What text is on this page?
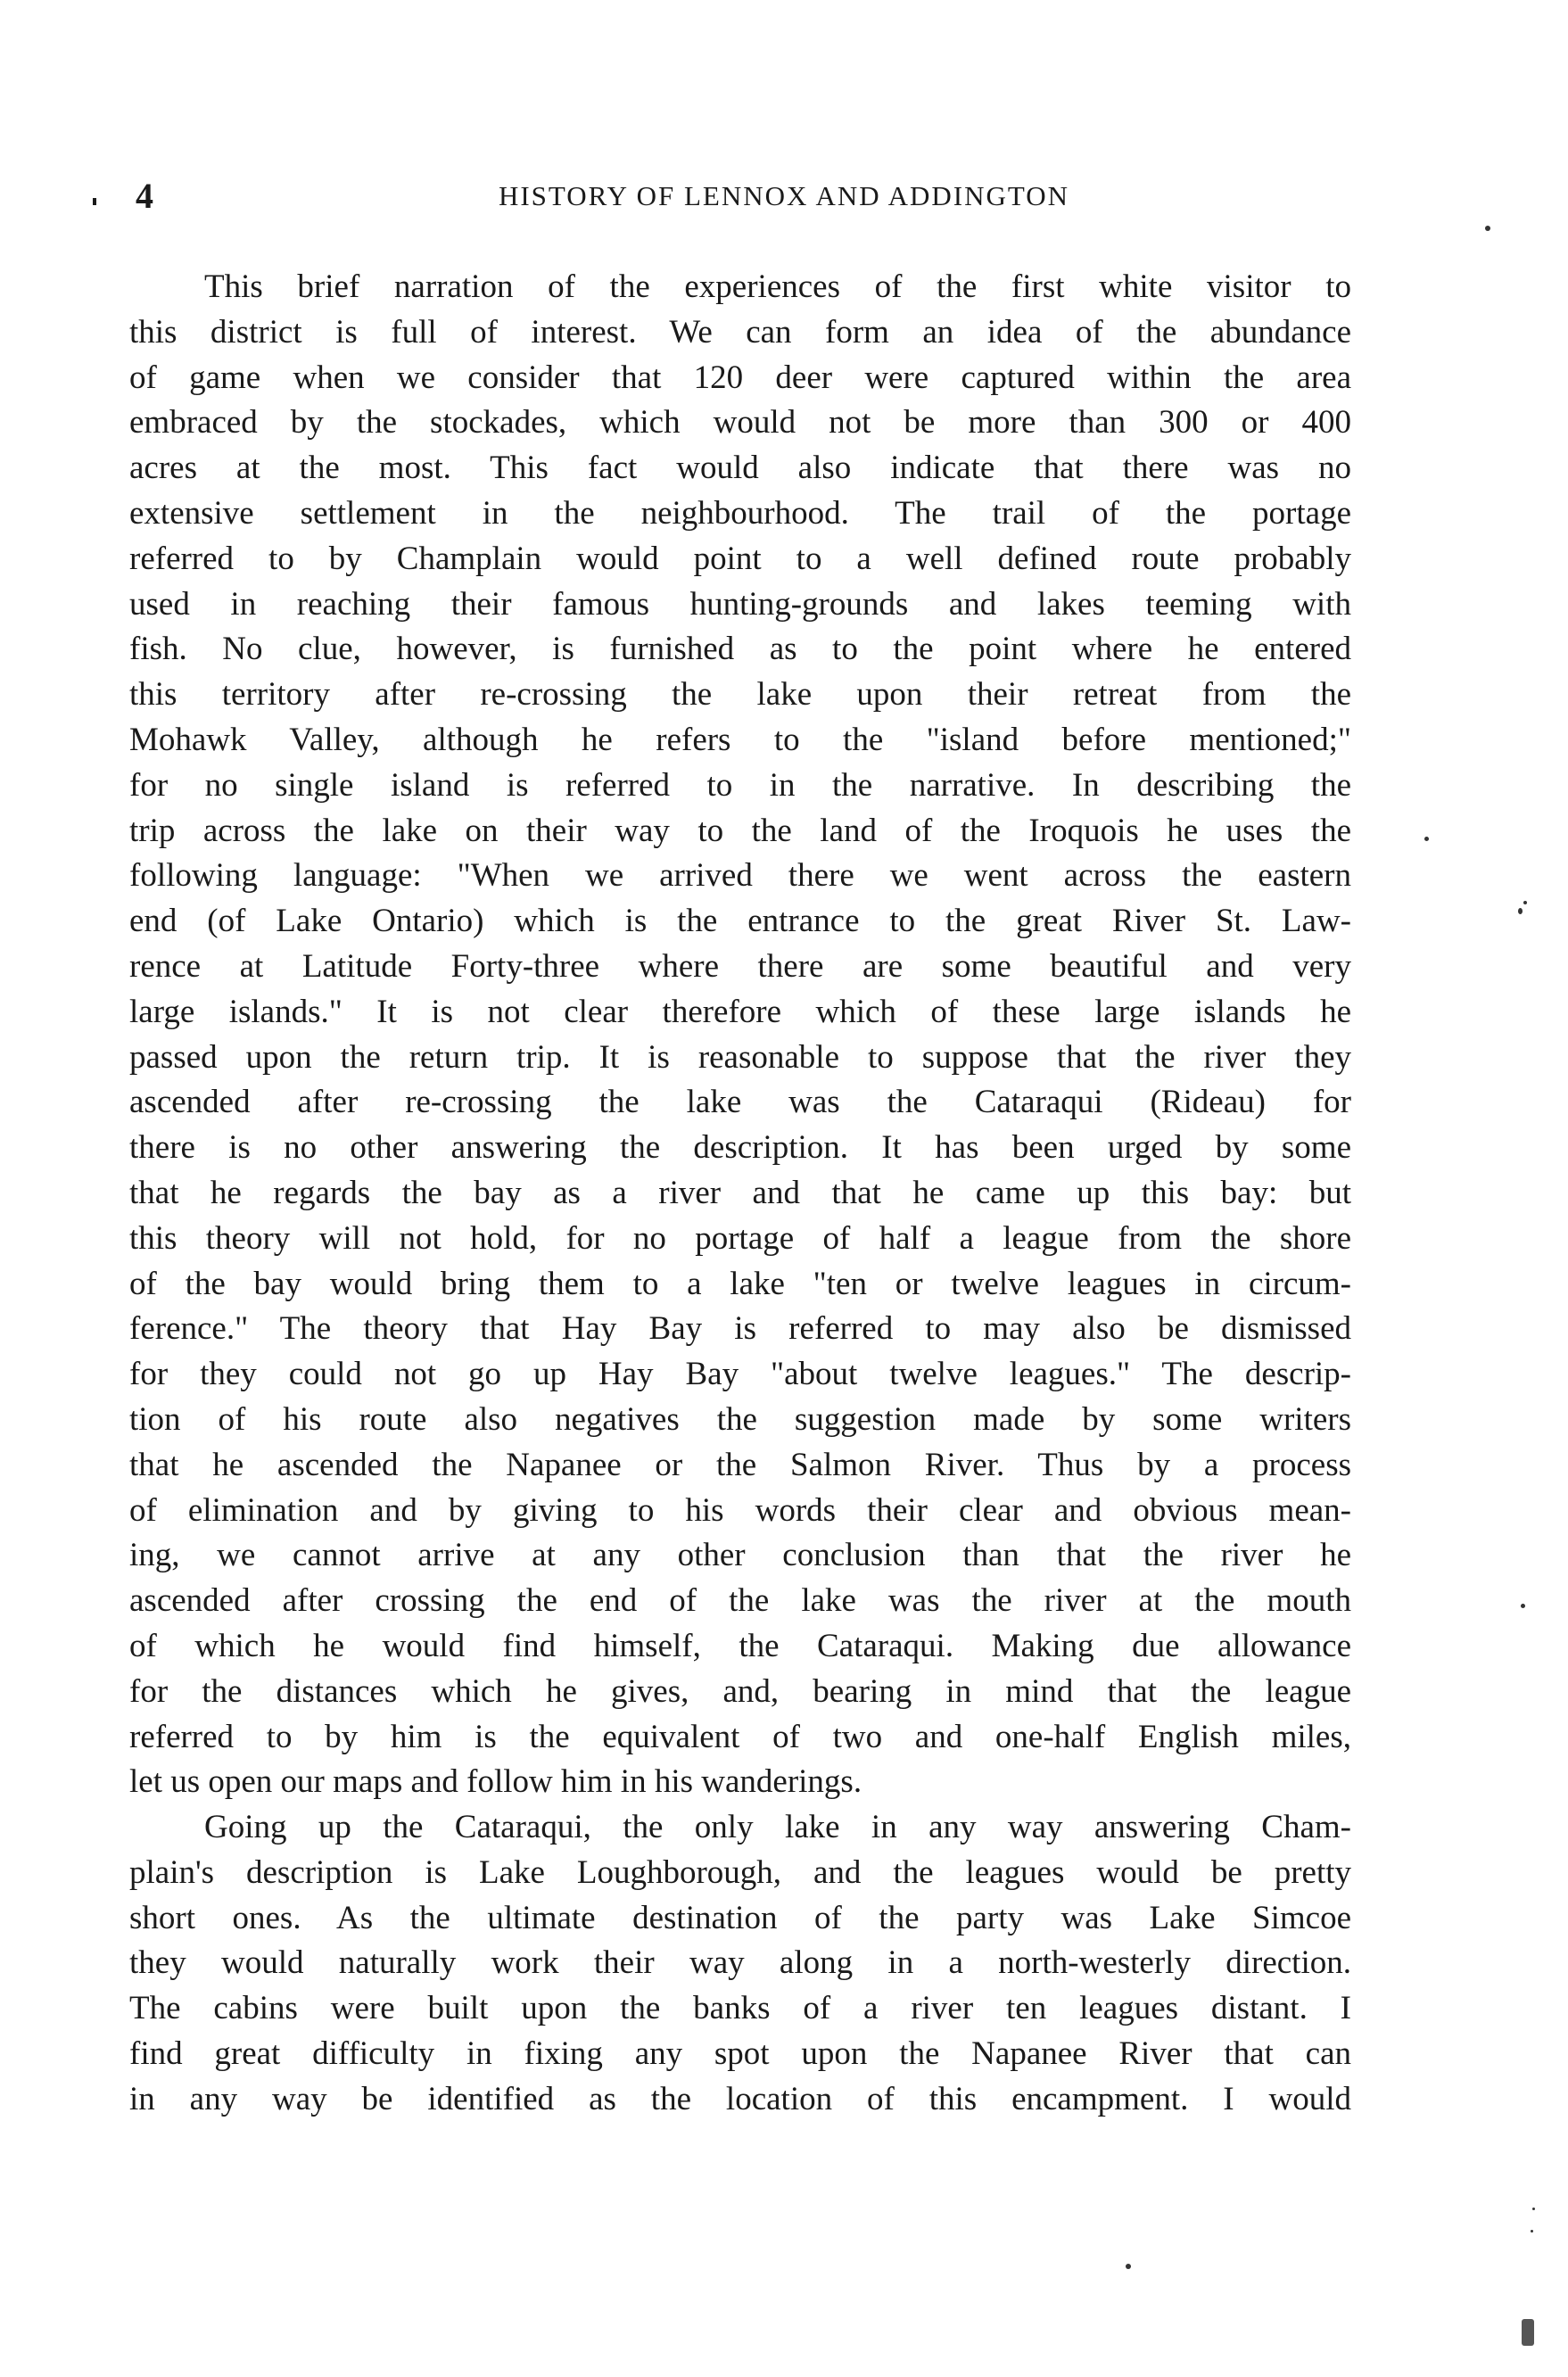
4	HISTORY OF LENNOX AND ADDINGTON

This brief narration of the experiences of the first white visitor to

this district is full of interest. We can form an idea of the abundance

of game when we consider that 120 deer were captured within the area

embraced by the stockades, which would not be more than 300 or 400

acres at the most. This fact would also indicate that there was no

extensive settlement in the neighbourhood. The trail of the portage

referred to by Champlain would point to a well defined route probably

used in reaching their famous hunting-grounds and lakes teeming with

fish. No clue, however, is furnished as to the point where he entered

this territory after re-crossing the lake upon their retreat from the

Mohawk Valley, although he refers to the "island before mentioned;"

for no single island is referred to in the narrative. In describing the

trip across the lake on their way to the land of the Iroquois he uses the

following language: "When we arrived there we went across the eastern

end (of Lake Ontario) which is the entrance to the great River St. Law-

rence at Latitude Forty-three where there are some beautiful and very

large islands." It is not clear therefore which of these large islands he

passed upon the return trip. It is reasonable to suppose that the river they

ascended after re-crossing the lake was the Cataraqui (Rideau) for

there is no other answering the description. It has been urged by some

that he regards the bay as a river and that he came up this bay: but

this theory will not hold, for no portage of half a league from the shore

of the bay would bring them to a lake "ten or twelve leagues in circum-

ference." The theory that Hay Bay is referred to may also be dismissed

for they could not go up Hay Bay "about twelve leagues." The descrip-

tion of his route also negatives the suggestion made by some writers

that he ascended the Napanee or the Salmon River. Thus by a process

of elimination and by giving to his words their clear and obvious mean-

ing, we cannot arrive at any other conclusion than that the river he

ascended after crossing the end of the lake was the river at the mouth

of which he would find himself, the Cataraqui. Making due allowance

for the distances which he gives, and, bearing in mind that the league

referred to by him is the equivalent of two and one-half English miles,

let us open our maps and follow him in his wanderings.

Going up the Cataraqui, the only lake in any way answering Cham-

plain's description is Lake Loughborough, and the leagues would be pretty

short ones. As the ultimate destination of the party was Lake Simcoe

they would naturally work their way along in a north-westerly direction.

The cabins were built upon the banks of a river ten leagues distant. I

find great difficulty in fixing any spot upon the Napanee River that can

in any way be identified as the location of this encampment. I would
